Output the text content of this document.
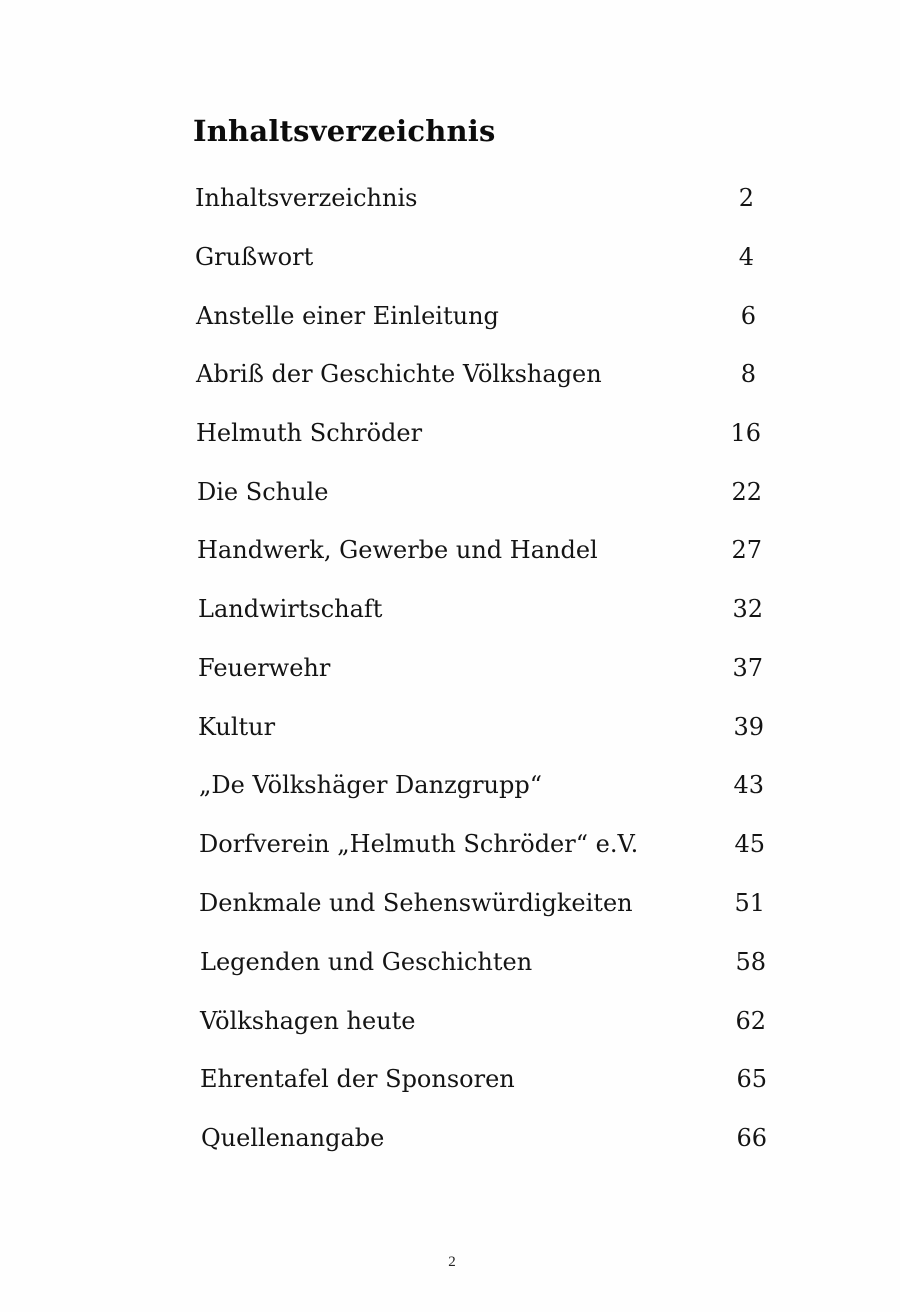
Inhaltsverzeichnis
Inhaltsverzeichnis	2
Grußwort	4
Anstelle einer Einleitung	6
Abriß der Geschichte Völkshagen	8
Helmuth Schröder	16
Die Schule	22
Handwerk, Gewerbe und Handel	27
Landwirtschaft	32
Feuerwehr	37
Kultur	39
„De Völkshäger Danzgrupp“	43
Dorfverein „Helmuth Schröder“ e.V.	45
Denkmale und Sehenswürdigkeiten	51
Legenden und Geschichten	58
Völkshagen heute	62
Ehrentafel der Sponsoren	65
Quellenangabe	66
2
